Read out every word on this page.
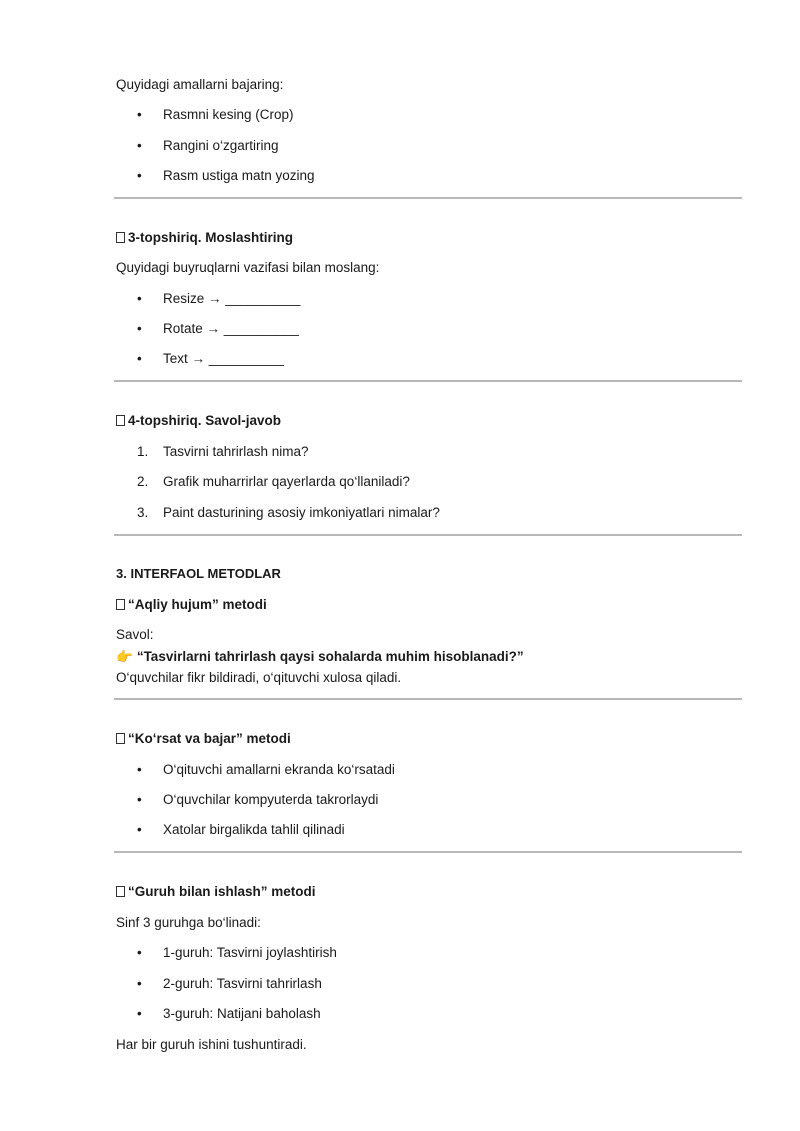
Quyidagi amallarni bajaring:
• Rasmni kesing (Crop)
• Rangini o‘zgartiring
• Rasm ustiga matn yozing
3-topshiriq. Moslashtiring
Quyidagi buyruqlarni vazifasi bilan moslang:
• Resize → __________
• Rotate → __________
• Text → __________
4-topshiriq. Savol-javob
1. Tasvirni tahrirlash nima?
2. Grafik muharrirlar qayerlarda qo‘llaniladi?
3. Paint dasturining asosiy imkoniyatlari nimalar?
3. INTERFAOL METODLAR
“Aqliy hujum” metodi
Savol:
👉 “Tasvirlarni tahrirlash qaysi sohalarda muhim hisoblanadi?”
O‘quvchilar fikr bildiradi, o‘qituvchi xulosa qiladi.
“Ko‘rsat va bajar” metodi
• O‘qituvchi amallarni ekranda ko‘rsatadi
• O‘quvchilar kompyuterda takrorlaydi
• Xatolar birgalikda tahlil qilinadi
“Guruh bilan ishlash” metodi
Sinf 3 guruhga bo‘linadi:
• 1-guruh: Tasvirni joylashtirish
• 2-guruh: Tasvirni tahrirlash
• 3-guruh: Natijani baholash
Har bir guruh ishini tushuntiradi.
